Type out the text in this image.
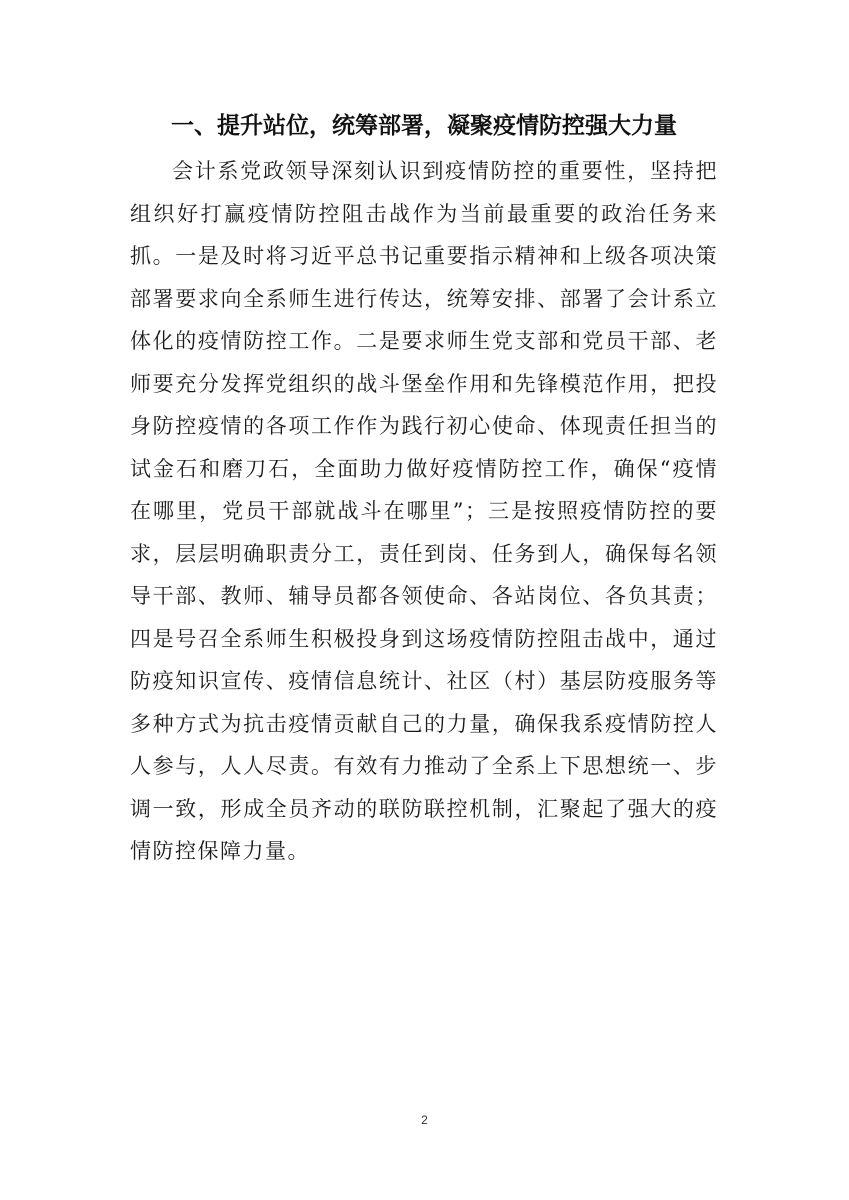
一、提升站位，统筹部署，凝聚疫情防控强大力量

会计系党政领导深刻认识到疫情防控的重要性，坚持把组织好打赢疫情防控阻击战作为当前最重要的政治任务来抓。一是及时将习近平总书记重要指示精神和上级各项决策部署要求向全系师生进行传达，统筹安排、部署了会计系立体化的疫情防控工作。二是要求师生党支部和党员干部、老师要充分发挥党组织的战斗堡垒作用和先锋模范作用，把投身防控疫情的各项工作作为践行初心使命、体现责任担当的试金石和磨刀石，全面助力做好疫情防控工作，确保“疫情在哪里，党员干部就战斗在哪里”；三是按照疫情防控的要求，层层明确职责分工，责任到岗、任务到人，确保每名领导干部、教师、辅导员都各领使命、各站岗位、各负其责；四是号召全系师生积极投身到这场疫情防控阻击战中，通过防疫知识宣传、疫情信息统计、社区（村）基层防疫服务等多种方式为抗击疫情贡献自己的力量，确保我系疫情防控人人参与，人人尽责。有效有力推动了全系上下思想统一、步调一致，形成全员齐动的联防联控机制，汇聚起了强大的疫情防控保障力量。

2
